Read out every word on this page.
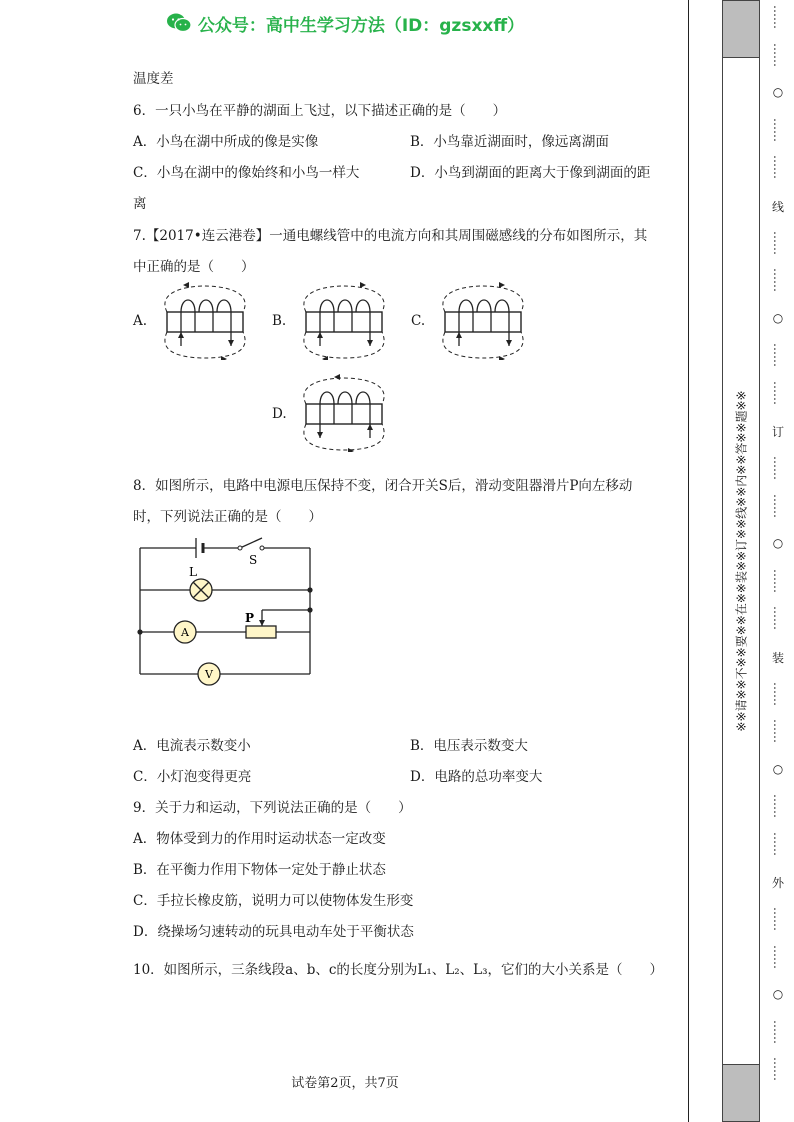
公众号：高中生学习方法（ID：gzsxxff）
温度差
6．一只小鸟在平静的湖面上飞过，以下描述正确的是（　　）
A．小鸟在湖中所成的像是实像	B．小鸟靠近湖面时，像远离湖面
C．小鸟在湖中的像始终和小鸟一样大	D．小鸟到湖面的距离大于像到湖面的距
离
7.【2017•连云港卷】一通电螺线管中的电流方向和其周围磁感线的分布如图所示，其
中正确的是（　　）
A.	B.	C.
D.
8．如图所示，电路中电源电压保持不变，闭合开关S后，滑动变阻器滑片P向左移动
时，下列说法正确的是（　　）
S
L
P
A
V
A．电流表示数变小	B．电压表示数变大
C．小灯泡变得更亮	D．电路的总功率变大
9．关于力和运动，下列说法正确的是（　　）
A．物体受到力的作用时运动状态一定改变
B．在平衡力作用下物体一定处于静止状态
C．手拉长橡皮筋，说明力可以使物体发生形变
D．绕操场匀速转动的玩具电动车处于平衡状态
10．如图所示，三条线段a、b、c的长度分别为L₁、L₂、L₃，它们的大小关系是（　　）
试卷第2页，共7页
※※请※※不※※要※※在※※装※※订※※线※※内※※答※※题※※
……
……
○
……
……
线
……
……
○
……
……
订
……
……
○
……
……
装
……
……
○
……
……
外
……
……
○
……
……
